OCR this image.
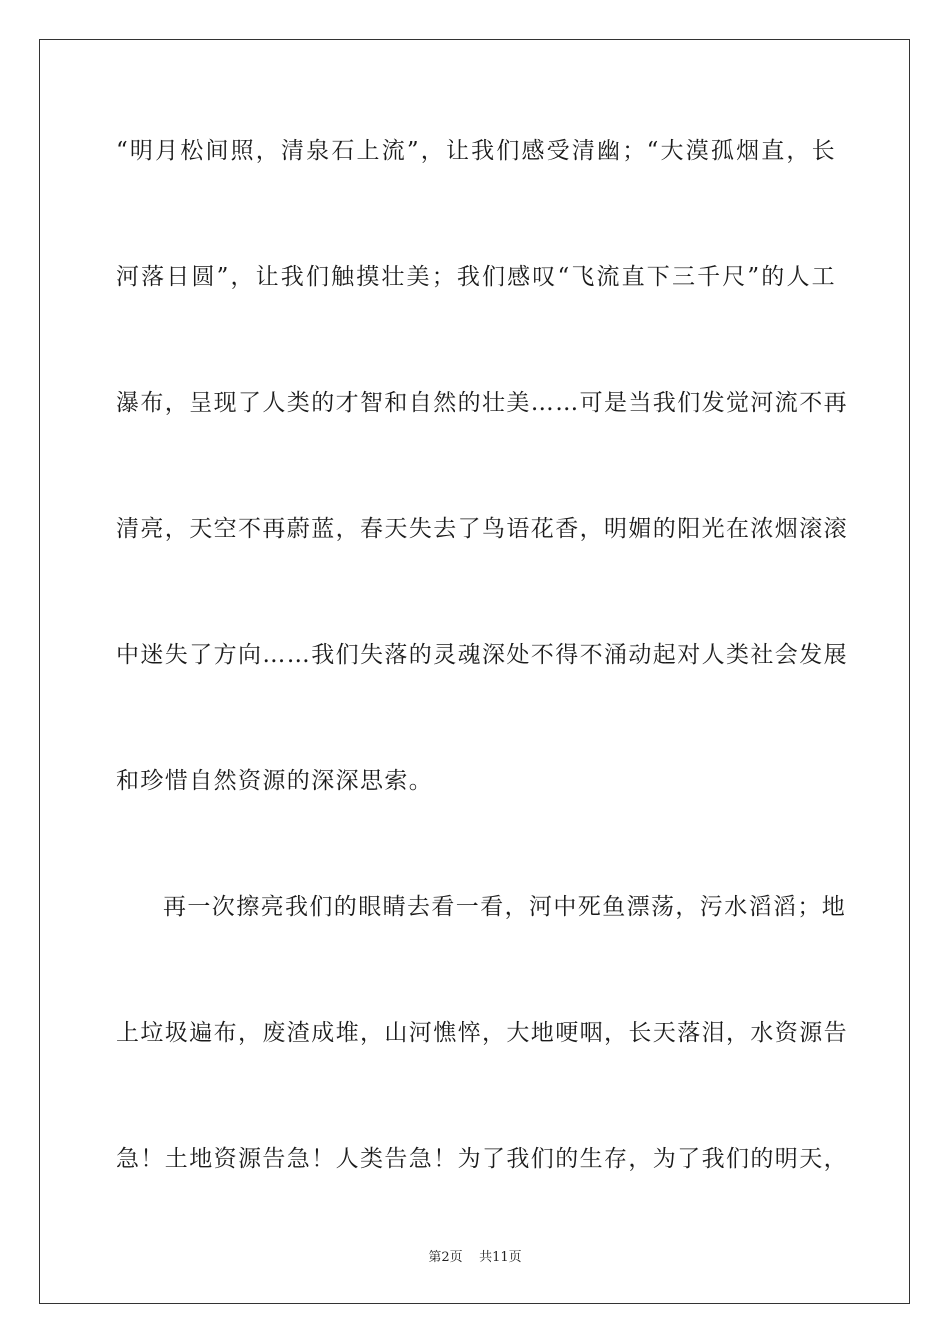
“明月松间照，清泉石上流”，让我们感受清幽；“大漠孤烟直，长
河落日圆”，让我们触摸壮美；我们感叹“飞流直下三千尺”的人工
瀑布，呈现了人类的才智和自然的壮美……可是当我们发觉河流不再
清亮，天空不再蔚蓝，春天失去了鸟语花香，明媚的阳光在浓烟滚滚
中迷失了方向……我们失落的灵魂深处不得不涌动起对人类社会发展
和珍惜自然资源的深深思索。
再一次擦亮我们的眼睛去看一看，河中死鱼漂荡，污水滔滔；地
上垃圾遍布，废渣成堆，山河憔悴，大地哽咽，长天落泪，水资源告
急！土地资源告急！人类告急！为了我们的生存，为了我们的明天，
第2页    共11页
